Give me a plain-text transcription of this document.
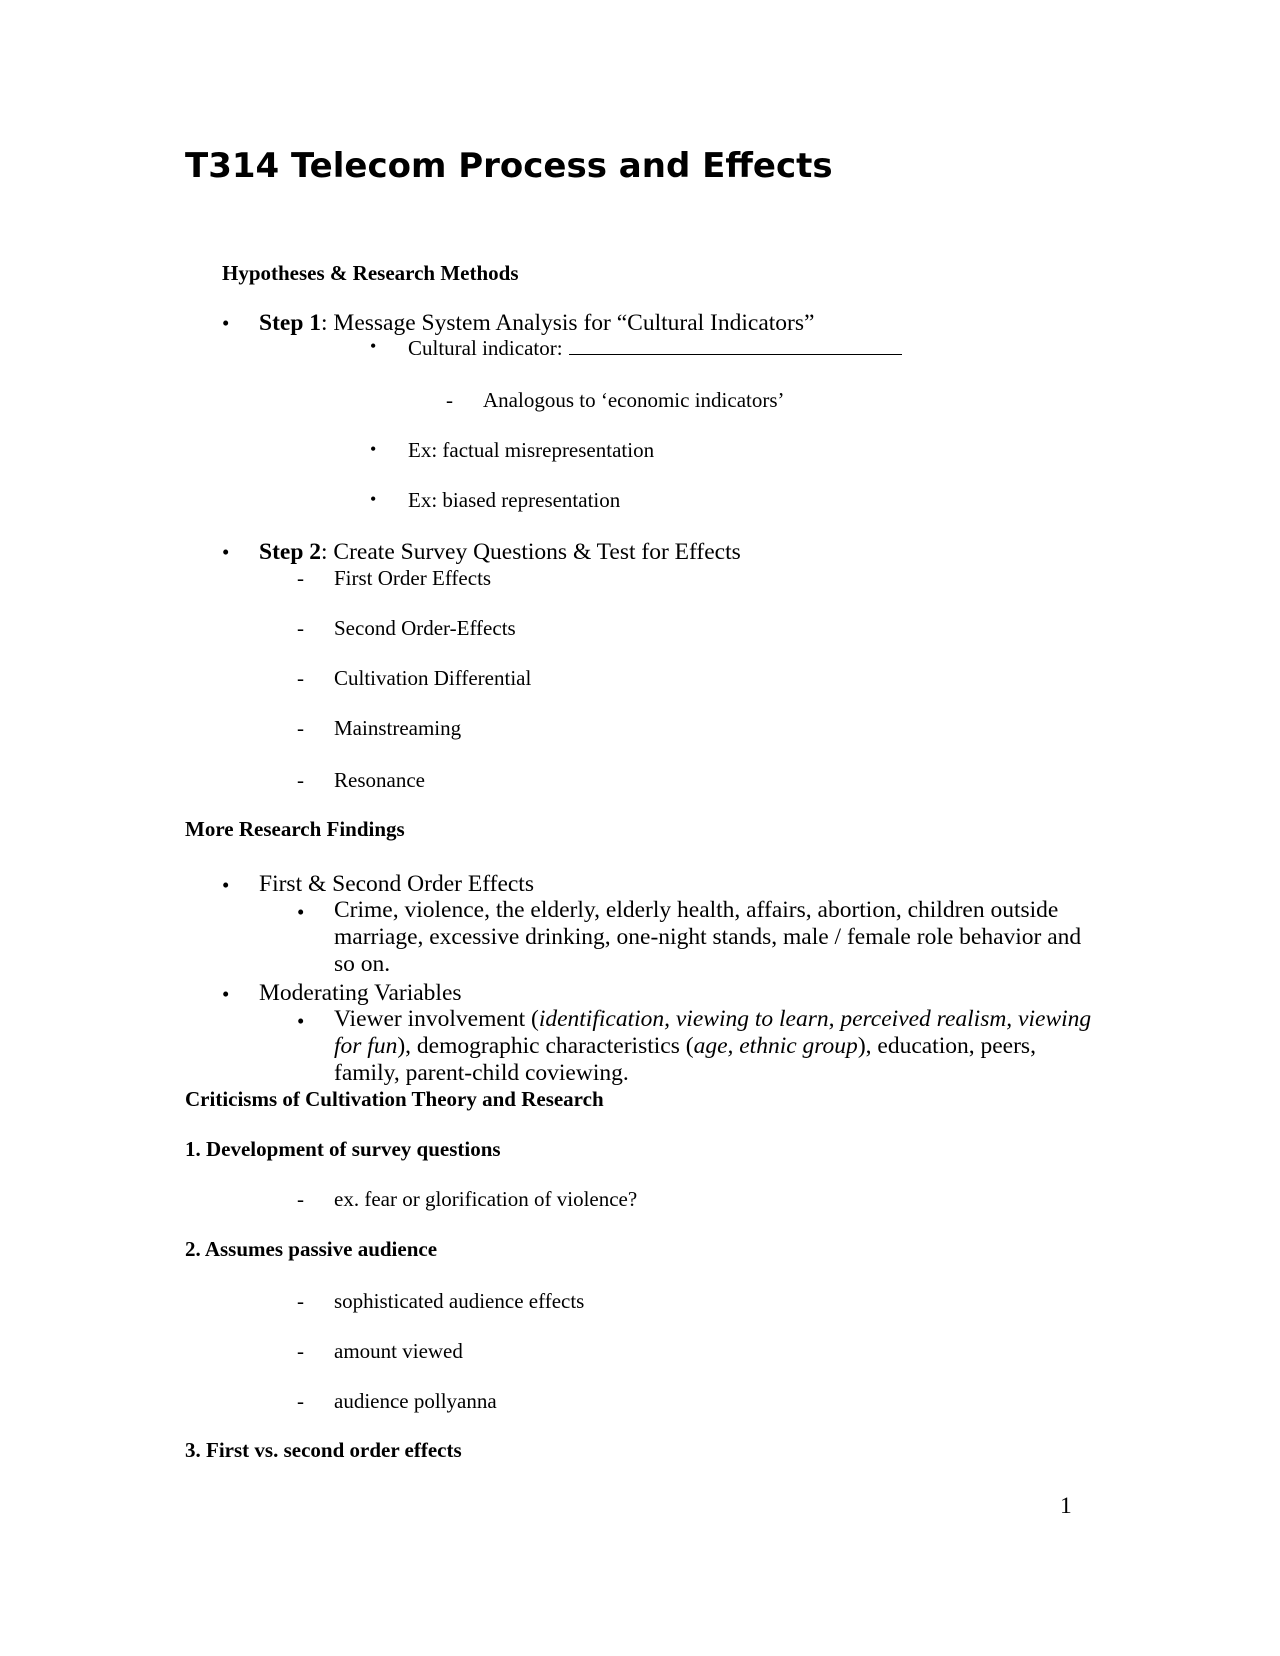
T314 Telecom Process and Effects
Hypotheses & Research Methods
• Step 1: Message System Analysis for “Cultural Indicators”
• Cultural indicator:
- Analogous to ‘economic indicators’
• Ex: factual misrepresentation
• Ex: biased representation
• Step 2: Create Survey Questions & Test for Effects
- First Order Effects
- Second Order-Effects
- Cultivation Differential
- Mainstreaming
- Resonance
More Research Findings
• First & Second Order Effects
• Crime, violence, the elderly, elderly health, affairs, abortion, children outside marriage, excessive drinking, one-night stands, male / female role behavior and so on.
• Moderating Variables
• Viewer involvement (identification, viewing to learn, perceived realism, viewing for fun), demographic characteristics (age, ethnic group), education, peers, family, parent-child coviewing.
Criticisms of Cultivation Theory and Research
1. Development of survey questions
- ex. fear or glorification of violence?
2. Assumes passive audience
- sophisticated audience effects
- amount viewed
- audience pollyanna
3. First vs. second order effects
1
